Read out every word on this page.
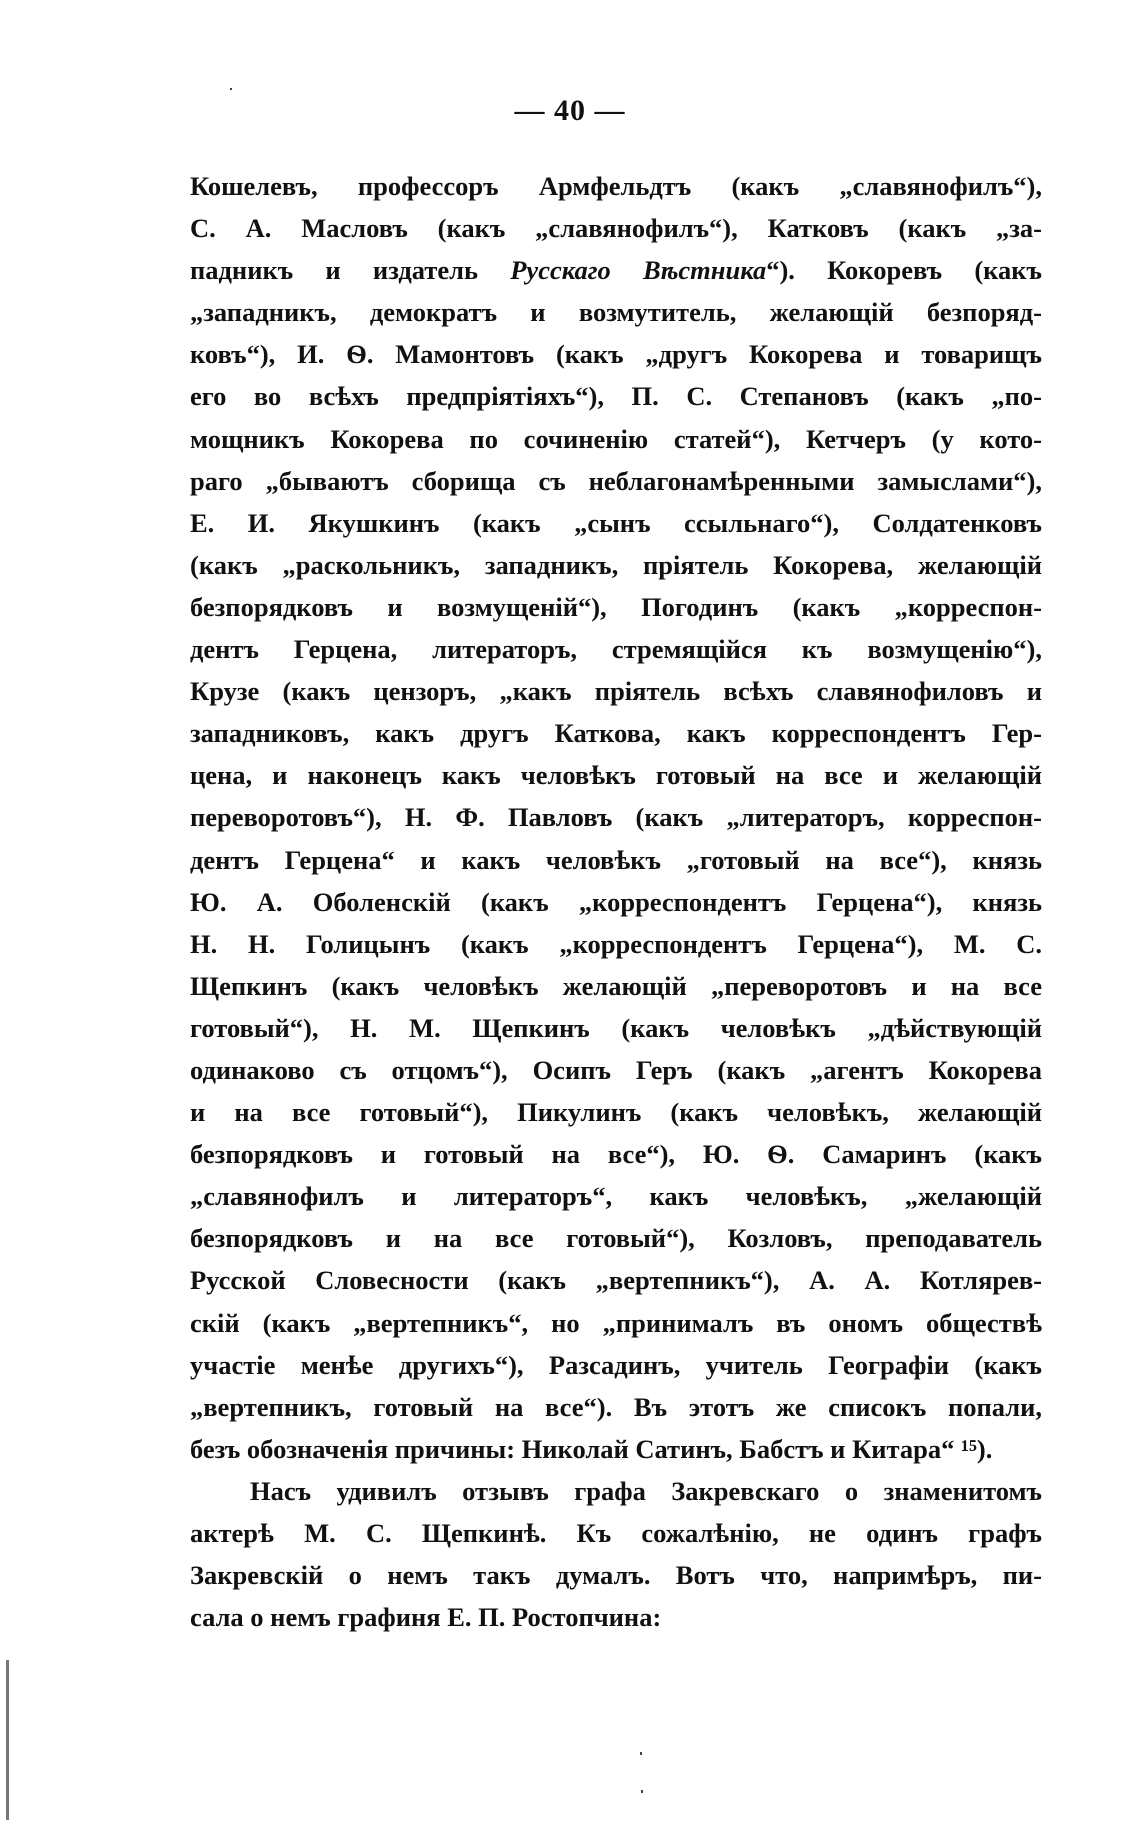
— 40 —
Кошелевъ, профессоръ Армфельдтъ (какъ „славянофилъ“),
С. А. Масловъ (какъ „славянофилъ“), Катковъ (какъ „за-
падникъ и издатель Русскаго Вѣстника“). Кокоревъ (какъ
„западникъ, демократъ и возмутитель, желающій безпоряд-
ковъ“), И. Ѳ. Мамонтовъ (какъ „другъ Кокорева и товарищъ
его во всѣхъ предпріятіяхъ“), П. С. Степановъ (какъ „по-
мощникъ Кокорева по сочиненію статей“), Кетчеръ (у кото-
раго „бываютъ сборища съ неблагонамѣренными замыслами“),
Е. И. Якушкинъ (какъ „сынъ ссыльнаго“), Солдатенковъ
(какъ „раскольникъ, западникъ, пріятель Кокорева, желающій
безпорядковъ и возмущеній“), Погодинъ (какъ „корреспон-
дентъ Герцена, литераторъ, стремящійся къ возмущенію“),
Крузе (какъ цензоръ, „какъ пріятель всѣхъ славянофиловъ и
западниковъ, какъ другъ Каткова, какъ корреспондентъ Гер-
цена, и наконецъ какъ человѣкъ готовый на все и желающій
переворотовъ“), Н. Ф. Павловъ (какъ „литераторъ, корреспон-
дентъ Герцена“ и какъ человѣкъ „готовый на все“), князь
Ю. А. Оболенскій (какъ „корреспондентъ Герцена“), князь
Н. Н. Голицынъ (какъ „корреспондентъ Герцена“), М. С.
Щепкинъ (какъ человѣкъ желающій „переворотовъ и на все
готовый“), Н. М. Щепкинъ (какъ человѣкъ „дѣйствующій
одинаково съ отцомъ“), Осипъ Геръ (какъ „агентъ Кокорева
и на все готовый“), Пикулинъ (какъ человѣкъ, желающій
безпорядковъ и готовый на все“), Ю. Ѳ. Самаринъ (какъ
„славянофилъ и литераторъ“, какъ человѣкъ, „желающій
безпорядковъ и на все готовый“), Козловъ, преподаватель
Русской Словесности (какъ „вертепникъ“), А. А. Котлярев-
скій (какъ „вертепникъ“, но „принималъ въ ономъ обществѣ
участіе менѣе другихъ“), Разсадинъ, учитель Географіи (какъ
„вертепникъ, готовый на все“). Въ этотъ же списокъ попали,
безъ обозначенія причины: Николай Сатинъ, Бабстъ и Китара“ ¹⁵).
Насъ удивилъ отзывъ графа Закревскаго о знаменитомъ
актерѣ М. С. Щепкинѣ. Къ сожалѣнію, не одинъ графъ
Закревскій о немъ такъ думалъ. Вотъ что, напримѣръ, пи-
сала о немъ графиня Е. П. Ростопчина:
